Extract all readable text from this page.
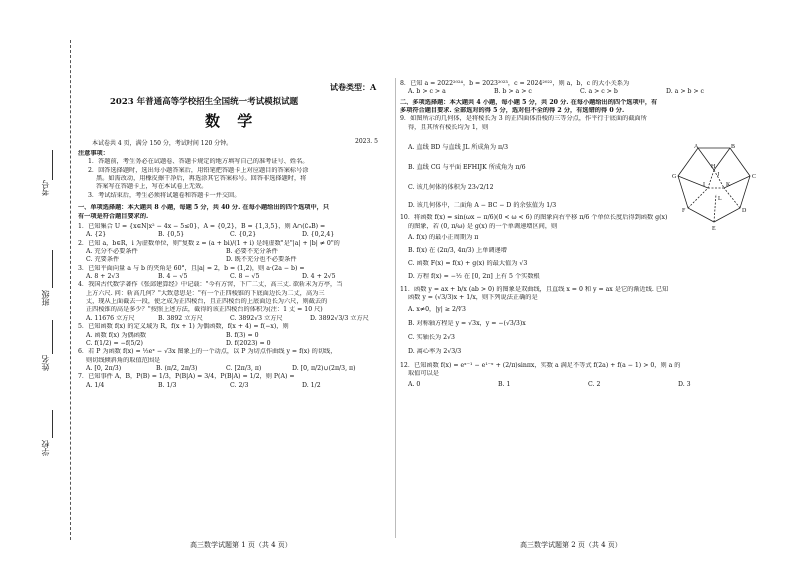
考号
班级
姓名
学校
试卷类型：A
2023 年普通高等学校招生全国统一考试模拟试题
数 学
本试卷共 4 页，满分 150 分，考试时间 120 分钟。	2023. 5

注意事项：

1．答题前，考生务必在试题卷、答题卡规定的地方填写自己的准考证号、姓名。

2．回答选择题时，选出每小题答案后，用铅笔把答题卡上对应题目的答案标号涂

黑。如需改动，用橡皮擦干净后，再选涂其它答案标号。回答非选择题时，将

答案写在答题卡上，写在本试卷上无效。

3．考试结束后，考生必须将试题卷和答题卡一并交回。

一、单项选择题：本大题共 8 小题，每题 5 分，共 40 分. 在每小题给出的四个选项中，只

有一项是符合题目要求的.

1．已知集合 U = {x∈N|x² − 4x − 5≤0}，A = {0,2}，B = {1,3,5}，则 A∩(∁ᵤB) =

A. {2}	B. {0,5}	C. {0,2}	D. {0,2,4}

2．已知 a，b∈R，i 为虚数单位，则"复数 z = (a + bi)/(1 + i) 是纯虚数"是"|a| + |b| ≠ 0"的

A. 充分不必要条件	B. 必要不充分条件

C. 充要条件	D. 既不充分也不必要条件

3．已知平面向量 a 与 b 的夹角是 60°，且|a| = 2，b = (1,2)，则 a·(2a − b) =

A. 8 + 2√3	B. 4 − √5	C. 8 − √5	D. 4 + 2√5

4．我国古代数学著作《张邱建算经》中记载："今有方窖，下广二丈，高三丈. 欲斩末为方亭，当

上方六尺. 问：斩高几何？"大致意思是："有一个正四棱锥的下底面边长为二丈，高为三

丈，现从上面截去一段，使之成为正四棱台，且正四棱台的上底面边长为六尺，则截去的

正四棱锥的高是多少？"按照上述方法，截得的该正四棱台的体积为(注：1 丈 = 10 尺)

A. 11676 立方尺	B. 3892 立方尺	C. 3892√3 立方尺	D. 3892√3/3 立方尺

5．已知函数 f(x) 的定义域为 R，f(x + 1) 为偶函数，f(x + 4) = f(−x)，则

A. 函数 f(x) 为偶函数	B. f(3) = 0

C. f(1/2) = −f(5/2)	D. f(2023) = 0

6．若 P 为函数 f(x) = ½eˣ − √3x 图象上的一个动点，以 P 为切点作曲线 y = f(x) 的切线，

则切线倾斜角的取值范围是

A. [0, 2π/3)	B. (π/2, 2π/3)	C. [2π/3, π)	D. [0, π/2)∪(2π/3, π)

7．已知事件 A，B，P(B) = 1/3，P(B̄|A) = 3/4，P(B̄|Ā) = 1/2，则 P(A) =

A. 1/4	B. 1/3	C. 2/3	D. 1/2

高三数学试题第 1 页（共 4 页）

8．已知 a = 2022²⁰²⁴，b = 2023²⁰²³，c = 2024²⁰²²，则 a，b，c 的大小关系为

A. b > c > a	B. b > a > c	C. a > c > b	D. a > b > c

二、多项选择题：本大题共 4 小题，每小题 5 分，共 20 分. 在每小题给出的四个选项中，有

多项符合题目要求. 全部选对的得 5 分，选对但不全的得 2 分，有选错的得 0 分.

9．如图所示的几何体，是将棱长为 3 的正四面体沿棱的三等分点，作平行于底面的截面所

得，且其所有棱长均为 1，则

A. 直线 BD 与直线 JL 所成角为 π/3

B. 直线 CG 与平面 EFHIJK 所成角为 π/6

C. 该几何体的体积为 23√2/12

D. 该几何体中，二面角 A − BC − D 的余弦值为 1/3

10．将函数 f(x) = sin(ωx − π/6)(0 < ω < 6) 的图象向右平移 π/6 个单位长度后得到函数 g(x)

的图象，若 (0, π/ω) 是 g(x) 的一个单调递增区间，则

A. f(x) 的最小正周期为 π

B. f(x) 在 (2π/3, 4π/3) 上单调递增

C. 函数 F(x) = f(x) + g(x) 的最大值为 √3

D. 方程 f(x) = −½ 在 [0, 2π] 上有 5 个实数根

11．函数 y = ax + b/x (ab > 0) 的图象是双曲线，且直线 x = 0 和 y = ax 是它的渐近线. 已知

函数 y = (√3/3)x + 1/x，则下列说法正确的是

A. x≠0，|y| ≥ 2/∜3

B. 对称轴方程是 y = √3x，y = −(√3/3)x

C. 实轴长为 2√3

D. 离心率为 2√3/3

12．已知函数 f(x) = eˣ⁻¹ − e¹⁻ˣ + (2/π)sinπx，实数 a 满足不等式 f(2a) + f(a − 1) > 0，则 a 的

取值可以是

A. 0	B. 1	C. 2	D. 3

高三数学试题第 2 页（共 4 页）
A	B
C
D
E
F
G
H
I
J
K
L
